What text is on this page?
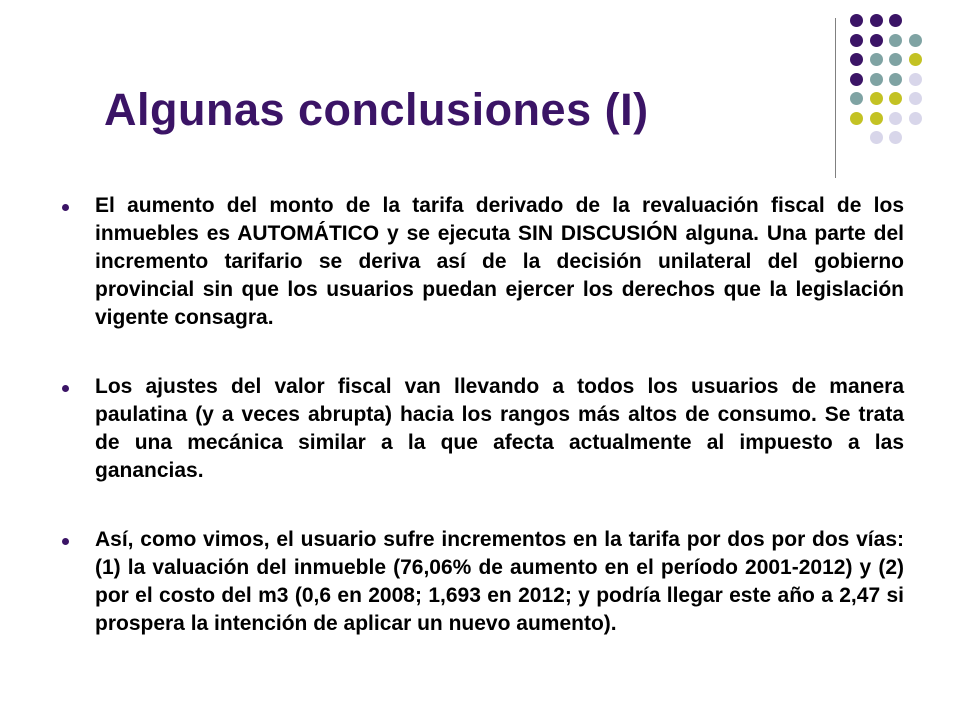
Algunas conclusiones (I)
El aumento del monto de la tarifa derivado de la revaluación fiscal de los inmuebles es AUTOMÁTICO y se ejecuta SIN DISCUSIÓN alguna. Una parte del incremento tarifario se deriva así de la decisión unilateral del gobierno provincial sin que los usuarios puedan ejercer los derechos que la legislación vigente consagra.
Los ajustes del valor fiscal van llevando a todos los usuarios de manera paulatina (y a veces abrupta) hacia los rangos más altos de consumo. Se trata de una mecánica similar a la que afecta actualmente al impuesto a las ganancias.
Así, como vimos, el usuario sufre incrementos en la tarifa por dos por dos vías: (1) la valuación del inmueble (76,06% de aumento en el período 2001-2012) y (2) por el costo del m3 (0,6 en 2008; 1,693 en 2012; y podría llegar este año a 2,47 si prospera la intención de aplicar un nuevo aumento).
